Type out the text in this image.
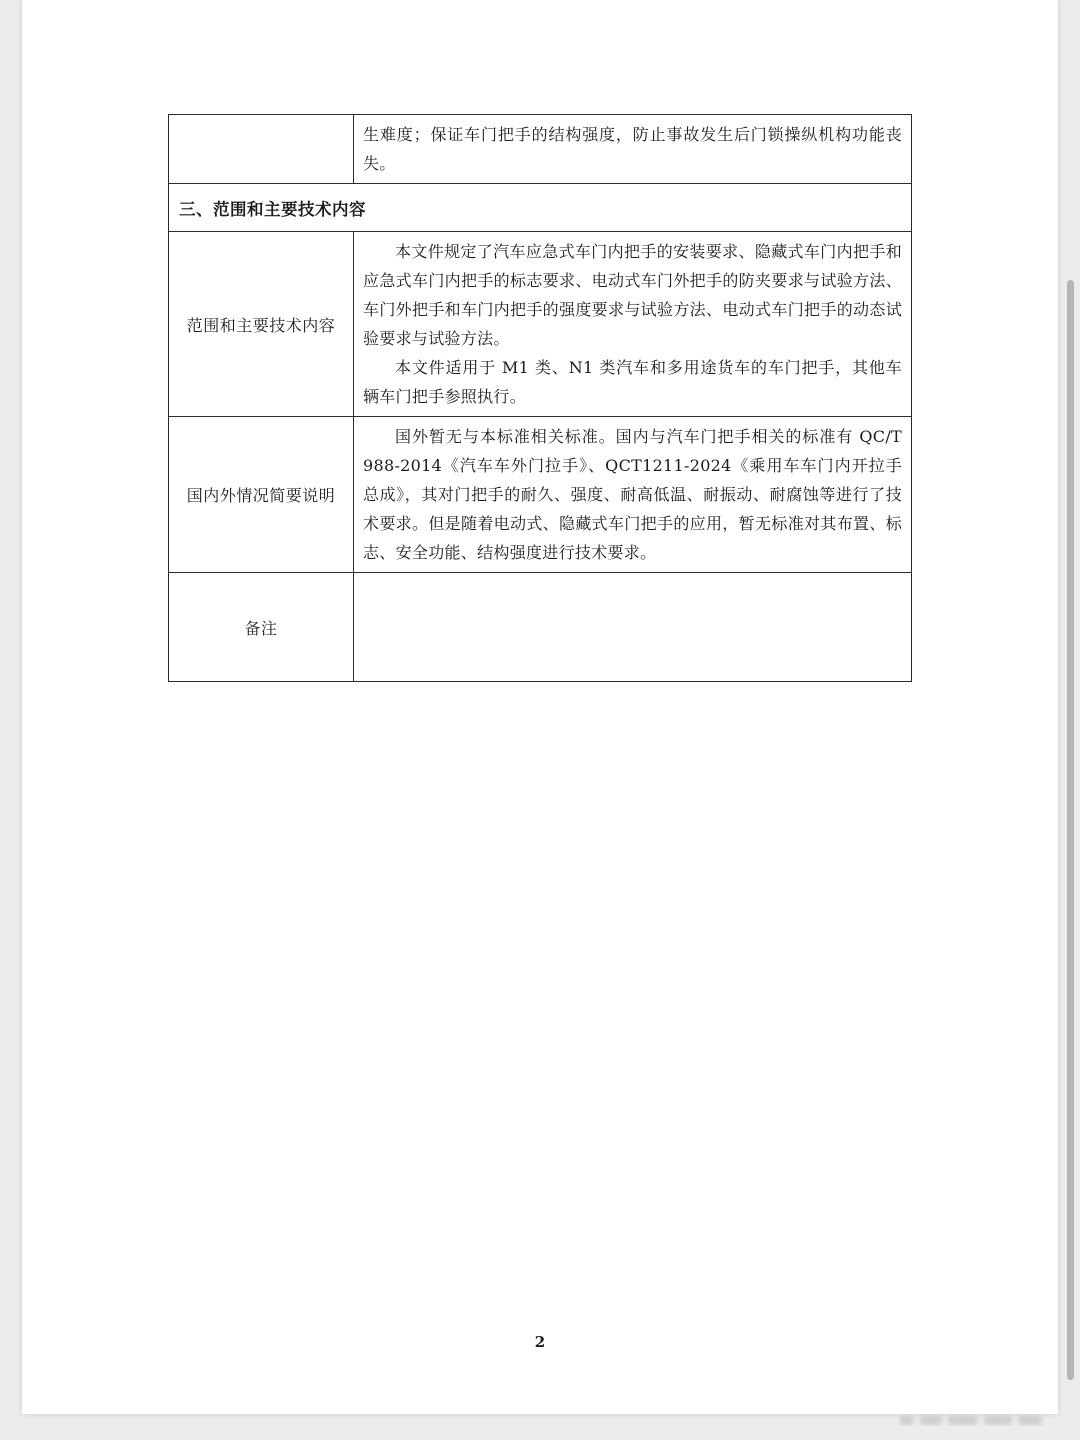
	生难度；保证车门把手的结构强度，防止事故发生后门锁操纵机构功能丧失。

三、范围和主要技术内容	
范围和主要技术内容	本文件规定了汽车应急式车门内把手的安装要求、隐藏式车门内把手和应急式车门内把手的标志要求、电动式车门外把手的防夹要求与试验方法、车门外把手和车门内把手的强度要求与试验方法、电动式车门把手的动态试验要求与试验方法。

本文件适用于 M1 类、N1 类汽车和多用途货车的车门把手，其他车辆车门把手参照执行。

国内外情况简要说明	国外暂无与本标准相关标准。国内与汽车门把手相关的标准有 QC/T 988-2014《汽车车外门拉手》、QCT1211-2024《乘用车车门内开拉手总成》，其对门把手的耐久、强度、耐高低温、耐振动、耐腐蚀等进行了技术要求。但是随着电动式、隐藏式车门把手的应用，暂无标准对其布置、标志、安全功能、结构强度进行技术要求。

备注	
2
